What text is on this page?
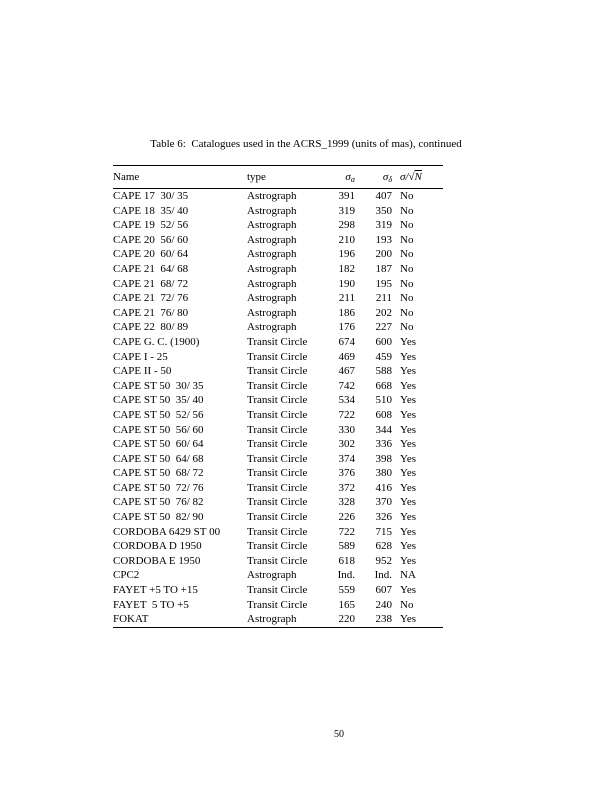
Table 6:  Catalogues used in the ACRS_1999 (units of mas), continued
Name	type	$\sigma_\alpha$	$\sigma_\delta$	σ/√N
CAPE 17  30/ 35	Astrograph	391	407	No
CAPE 18  35/ 40	Astrograph	319	350	No
CAPE 19  52/ 56	Astrograph	298	319	No
CAPE 20  56/ 60	Astrograph	210	193	No
CAPE 20  60/ 64	Astrograph	196	200	No
CAPE 21  64/ 68	Astrograph	182	187	No
CAPE 21  68/ 72	Astrograph	190	195	No
CAPE 21  72/ 76	Astrograph	211	211	No
CAPE 21  76/ 80	Astrograph	186	202	No
CAPE 22  80/ 89	Astrograph	176	227	No
CAPE G. C. (1900)	Transit Circle	674	600	Yes
CAPE I - 25	Transit Circle	469	459	Yes
CAPE II - 50	Transit Circle	467	588	Yes
CAPE ST 50  30/ 35	Transit Circle	742	668	Yes
CAPE ST 50  35/ 40	Transit Circle	534	510	Yes
CAPE ST 50  52/ 56	Transit Circle	722	608	Yes
CAPE ST 50  56/ 60	Transit Circle	330	344	Yes
CAPE ST 50  60/ 64	Transit Circle	302	336	Yes
CAPE ST 50  64/ 68	Transit Circle	374	398	Yes
CAPE ST 50  68/ 72	Transit Circle	376	380	Yes
CAPE ST 50  72/ 76	Transit Circle	372	416	Yes
CAPE ST 50  76/ 82	Transit Circle	328	370	Yes
CAPE ST 50  82/ 90	Transit Circle	226	326	Yes
CORDOBA 6429 ST 00	Transit Circle	722	715	Yes
CORDOBA D 1950	Transit Circle	589	628	Yes
CORDOBA E 1950	Transit Circle	618	952	Yes
CPC2	Astrograph	Ind.	Ind.	NA
FAYET +5 TO +15	Transit Circle	559	607	Yes
FAYET  5 TO +5	Transit Circle	165	240	No
FOKAT	Astrograph	220	238	Yes
50
